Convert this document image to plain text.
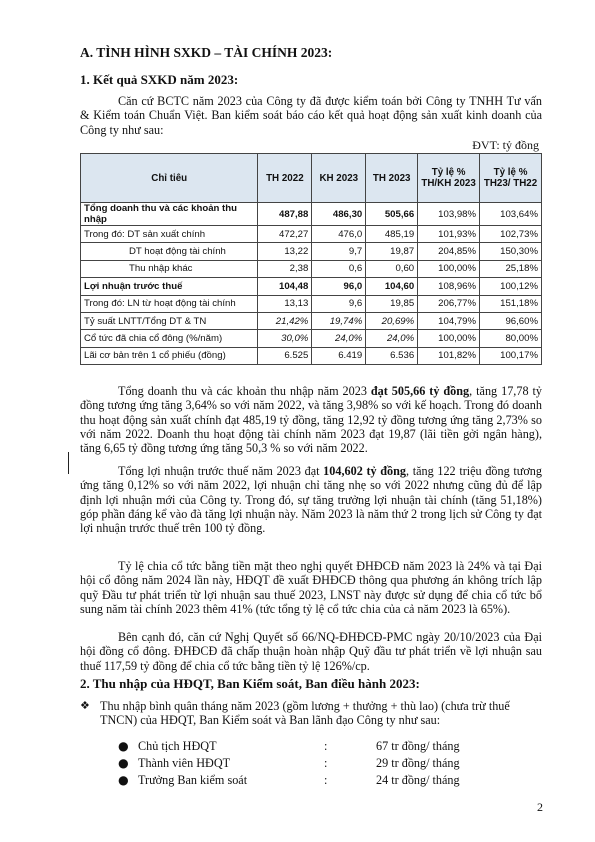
A. TÌNH HÌNH SXKD – TÀI CHÍNH 2023:
1. Kết quả SXKD năm 2023:
Căn cứ BCTC năm 2023 của Công ty đã được kiểm toán bởi Công ty TNHH Tư vấn & Kiểm toán Chuẩn Việt. Ban kiểm soát báo cáo kết quả hoạt động sản xuất kinh doanh của Công ty như sau:
ĐVT: tỷ đồng
Chỉ tiêu	TH 2022	KH 2023	TH 2023	Tỷ lệ % TH/KH 2023	Tỷ lệ % TH23/ TH22
Tổng doanh thu và các khoản thu nhập	487,88	486,30	505,66	103,98%	103,64%
Trong đó: DT sản xuất chính	472,27	476,0	485,19	101,93%	102,73%
DT hoạt động tài chính	13,22	9,7	19,87	204,85%	150,30%
Thu nhập khác	2,38	0,6	0,60	100,00%	25,18%
Lợi nhuận trước thuế	104,48	96,0	104,60	108,96%	100,12%
Trong đó: LN từ hoạt động tài chính	13,13	9,6	19,85	206,77%	151,18%
Tỷ suất LNTT/Tổng DT & TN	21,42%	19,74%	20,69%	104,79%	96,60%
Cổ tức đã chia cổ đông (%/năm)	30,0%	24,0%	24,0%	100,00%	80,00%
Lãi cơ bản trên 1 cổ phiếu (đồng)	6.525	6.419	6.536	101,82%	100,17%
Tổng doanh thu và các khoản thu nhập năm 2023 đạt 505,66 tỷ đồng, tăng 17,78 tỷ đồng tương ứng tăng 3,64% so với năm 2022, và tăng 3,98% so với kế hoạch. Trong đó doanh thu hoạt động sản xuất chính đạt 485,19 tỷ đồng, tăng 12,92 tỷ đồng tương ứng tăng 2,73% so với năm 2022. Doanh thu hoạt động tài chính năm 2023 đạt 19,87 (lãi tiền gởi ngân hàng), tăng 6,65 tỷ đồng tương ứng tăng 50,3 % so với năm 2022.
Tổng lợi nhuận trước thuế năm 2023 đạt 104,602 tỷ đồng, tăng 122 triệu đồng tương ứng tăng 0,12% so với năm 2022, lợi nhuận chỉ tăng nhẹ so với 2022 nhưng cũng đủ để lập định lợi nhuận mới của Công ty. Trong đó, sự tăng trưởng lợi nhuận tài chính (tăng 51,18%) góp phần đáng kể vào đà tăng lợi nhuận này. Năm 2023 là năm thứ 2 trong lịch sử Công ty đạt lợi nhuận trước thuế trên 100 tỷ đồng.
Tỷ lệ chia cổ tức bằng tiền mặt theo nghị quyết ĐHĐCĐ năm 2023 là 24% và tại Đại hội cổ đông năm 2024 lần này, HĐQT đề xuất ĐHĐCĐ thông qua phương án không trích lập quỹ Đầu tư phát triển từ lợi nhuận sau thuế 2023, LNST này được sử dụng để chia cổ tức bổ sung năm tài chính 2023 thêm 41% (tức tổng tỷ lệ cổ tức chia của cả năm 2023 là 65%).
Bên cạnh đó, căn cứ Nghị Quyết số 66/NQ-ĐHĐCĐ-PMC ngày 20/10/2023 của Đại hội đồng cổ đông. ĐHĐCĐ đã chấp thuận hoàn nhập Quỹ đầu tư phát triển về lợi nhuận sau thuế 117,59 tỷ đồng để chia cổ tức bằng tiền tỷ lệ 126%/cp.
2. Thu nhập của HĐQT, Ban Kiểm soát, Ban điều hành 2023:
❖ Thu nhập bình quân tháng năm 2023 (gồm lương + thưởng + thù lao) (chưa trừ thuế TNCN) của HĐQT, Ban Kiểm soát và Ban lãnh đạo Công ty như sau:
● Chủ tịch HĐQT	:	67 tr đồng/ tháng
● Thành viên HĐQT	:	29 tr đồng/ tháng
● Trưởng Ban kiểm soát	:	24 tr đồng/ tháng
2
